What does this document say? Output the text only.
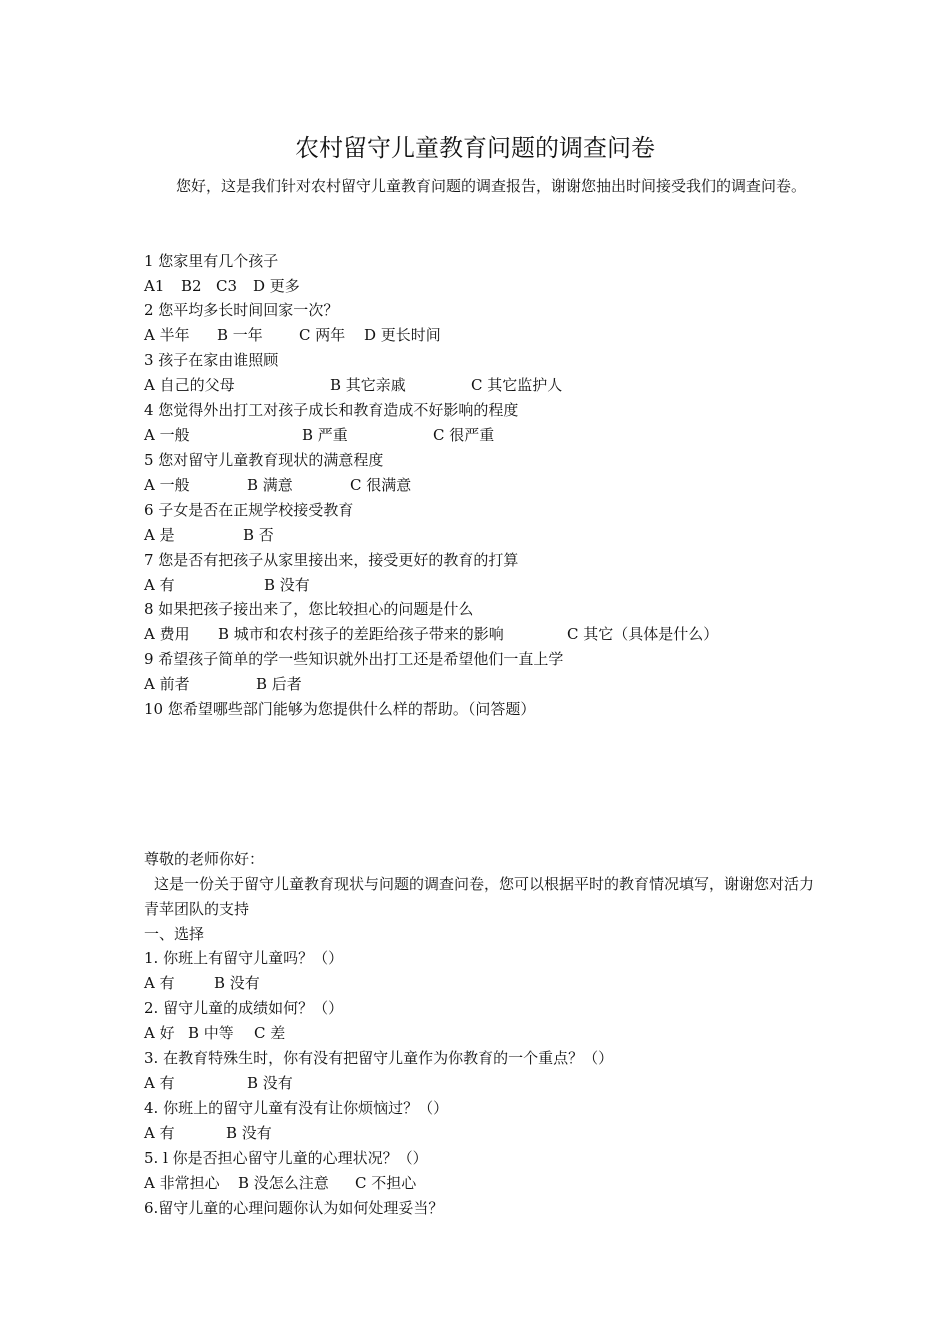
农村留守儿童教育问题的调查问卷
您好，这是我们针对农村留守儿童教育问题的调查报告，谢谢您抽出时间接受我们的调查问卷。
1 您家里有几个孩子
A1 B2 C3 D 更多
2 您平均多长时间回家一次？
A 半年 B 一年 C 两年 D 更长时间
3 孩子在家由谁照顾
A 自己的父母	B 其它亲戚	C 其它监护人
4 您觉得外出打工对孩子成长和教育造成不好影响的程度
A 一般	B 严重	C 很严重
5 您对留守儿童教育现状的满意程度
A 一般	B 满意	C 很满意
6 子女是否在正规学校接受教育
A 是	B 否
7 您是否有把孩子从家里接出来，接受更好的教育的打算
A 有	B 没有
8 如果把孩子接出来了，您比较担心的问题是什么
A 费用 B 城市和农村孩子的差距给孩子带来的影响	C 其它（具体是什么）
9 希望孩子简单的学一些知识就外出打工还是希望他们一直上学
A 前者	B 后者
10 您希望哪些部门能够为您提供什么样的帮助。（问答题）
尊敬的老师你好：
这是一份关于留守儿童教育现状与问题的调查问卷，您可以根据平时的教育情况填写，谢谢您对活力青苹团队的支持
一、选择
1. 你班上有留守儿童吗？（）
A 有	B 没有
2. 留守儿童的成绩如何？（）
A 好 B 中等 C 差
3. 在教育特殊生时，你有没有把留守儿童作为你教育的一个重点？（）
A 有	B 没有
4. 你班上的留守儿童有没有让你烦恼过？（）
A 有	B 没有
5. l 你是否担心留守儿童的心理状况？（）
A 非常担心 B 没怎么注意 C 不担心
6.留守儿童的心理问题你认为如何处理妥当？
